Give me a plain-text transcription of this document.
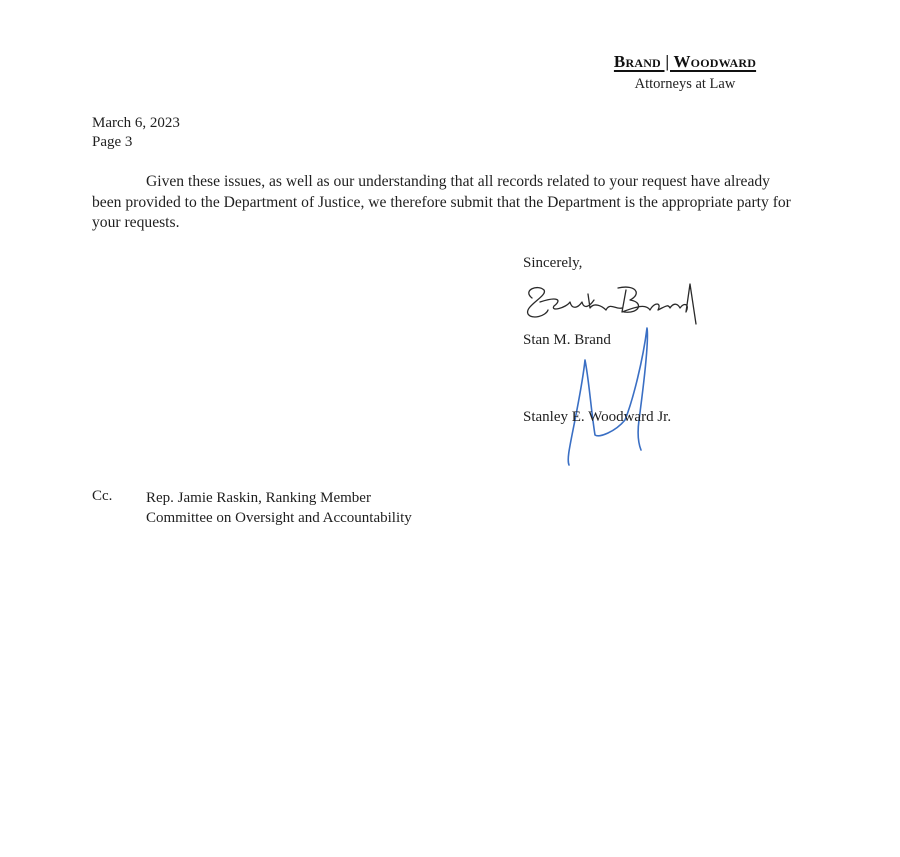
Brand | Woodward
Attorneys at Law
March 6, 2023
Page 3

Given these issues, as well as our understanding that all records related to your request have already been provided to the Department of Justice, we therefore submit that the Department is the appropriate party for your requests.

Sincerely,
Stan M. Brand
Stanley E. Woodward Jr.
Cc. Rep. Jamie Raskin, Ranking Member
Committee on Oversight and Accountability
